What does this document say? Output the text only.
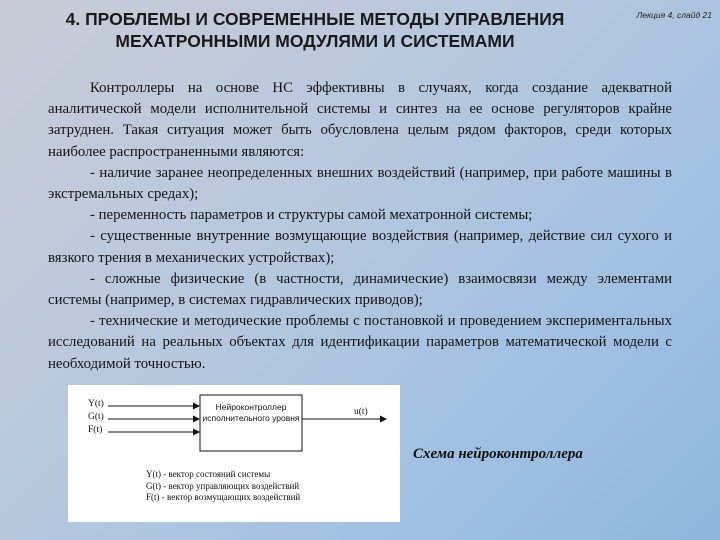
4. ПРОБЛЕМЫ И СОВРЕМЕННЫЕ МЕТОДЫ УПРАВЛЕНИЯ
МЕХАТРОННЫМИ МОДУЛЯМИ И СИСТЕМАМИ
Лекция 4, слайд 21

Контроллеры на основе НС эффективны в случаях, когда создание адекватной аналитической модели исполнительной системы и синтез на ее основе регуляторов крайне затруднен. Такая ситуация может быть обусловлена целым рядом факторов, среди которых наиболее распространенными являются:

- наличие заранее неопределенных внешних воздействий (например, при работе машины в экстремальных средах);

- переменность параметров и структуры самой мехатронной системы;

- существенные внутренние возмущающие воздействия (например, действие сил сухого и вязкого трения в механических устройствах);

- сложные физические (в частности, динамические) взаимосвязи между элементами системы (например, в системах гидравлических приводов);

- технические и методические проблемы с постановкой и проведением экспериментальных исследований на реальных объектах для идентификации параметров математической модели с необходимой точностью.

Y(t)
G(t)
F(t)
u(t)
Нейроконтроллер исполнительного уровня
Y(t) - вектор состояний системы
G(t) - вектор управляющих воздействий
F(t) - вектор возмущающих воздействий
Схема нейроконтроллера
